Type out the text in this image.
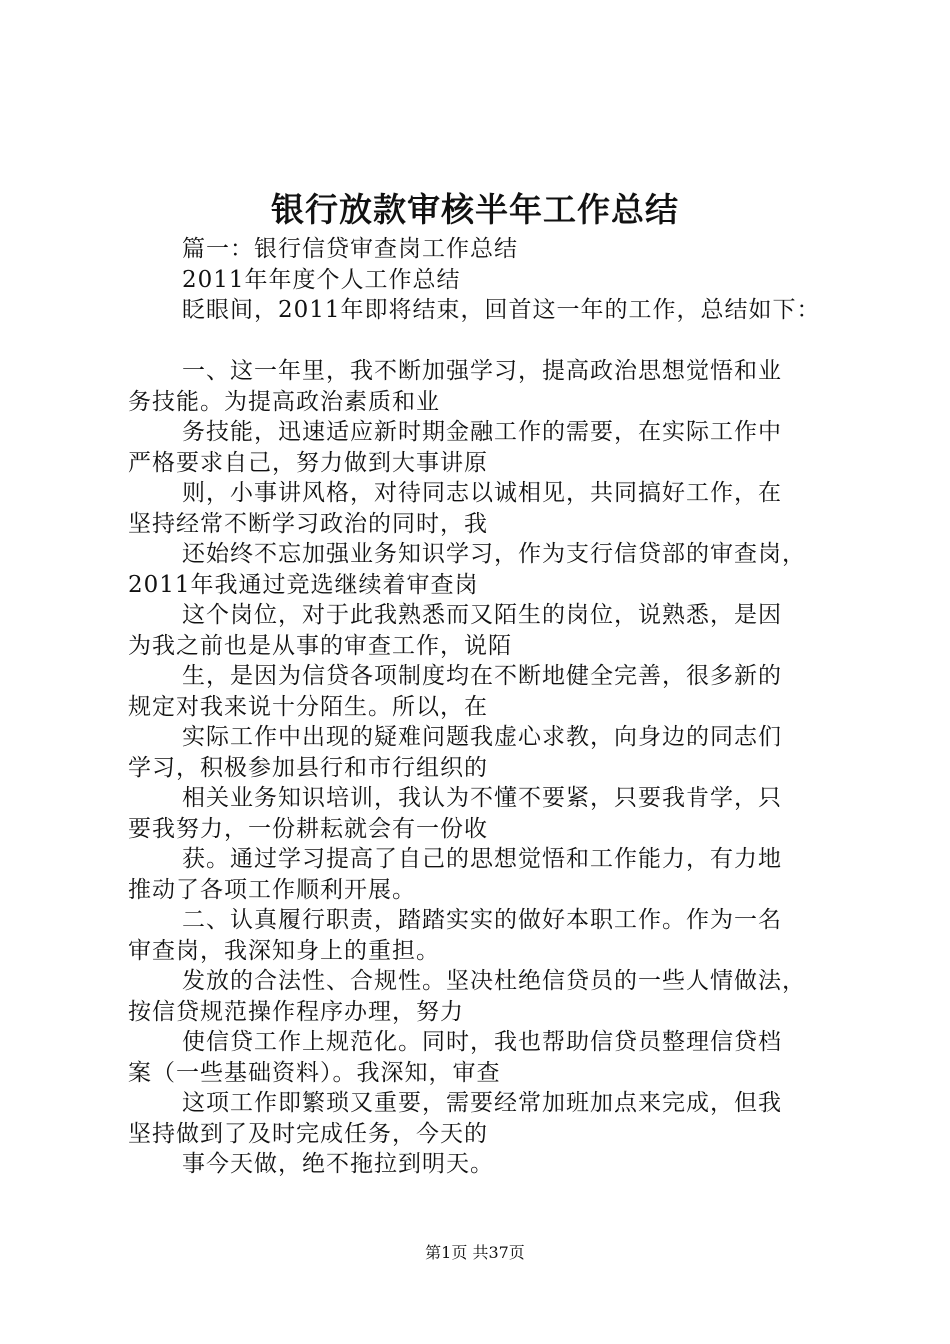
银行放款审核半年工作总结
篇一：银行信贷审查岗工作总结
2011年年度个人工作总结
眨眼间，2011年即将结束，回首这一年的工作，总结如下：
一、这一年里，我不断加强学习，提高政治思想觉悟和业
务技能。为提高政治素质和业
务技能，迅速适应新时期金融工作的需要，在实际工作中
严格要求自己，努力做到大事讲原
则，小事讲风格，对待同志以诚相见，共同搞好工作，在
坚持经常不断学习政治的同时，我
还始终不忘加强业务知识学习，作为支行信贷部的审查岗，
2011年我通过竞选继续着审查岗
这个岗位，对于此我熟悉而又陌生的岗位，说熟悉，是因
为我之前也是从事的审查工作，说陌
生，是因为信贷各项制度均在不断地健全完善，很多新的
规定对我来说十分陌生。所以，在
实际工作中出现的疑难问题我虚心求教，向身边的同志们
学习，积极参加县行和市行组织的
相关业务知识培训，我认为不懂不要紧，只要我肯学，只
要我努力，一份耕耘就会有一份收
获。通过学习提高了自己的思想觉悟和工作能力，有力地
推动了各项工作顺利开展。
二、认真履行职责，踏踏实实的做好本职工作。作为一名
审查岗，我深知身上的重担。
发放的合法性、合规性。坚决杜绝信贷员的一些人情做法，
按信贷规范操作程序办理，努力
使信贷工作上规范化。同时，我也帮助信贷员整理信贷档
案（一些基础资料）。我深知，审查
这项工作即繁琐又重要，需要经常加班加点来完成，但我
坚持做到了及时完成任务，今天的
事今天做，绝不拖拉到明天。
第1页 共37页
